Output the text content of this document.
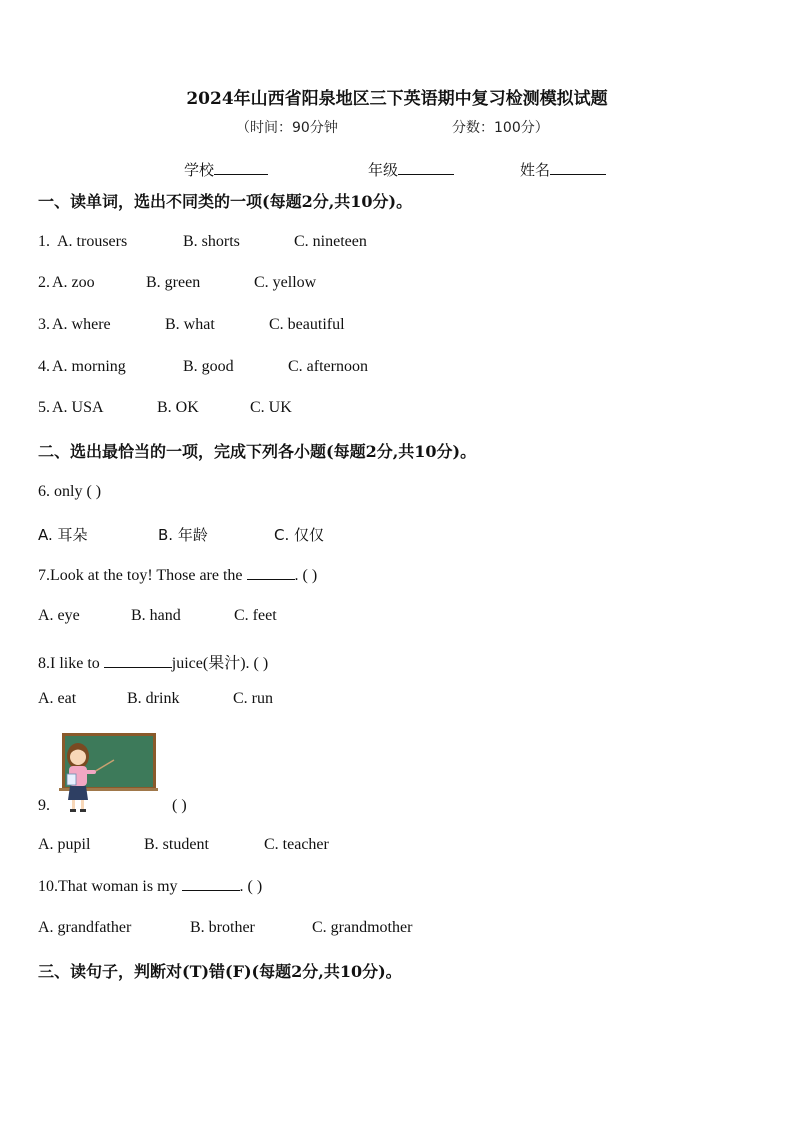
2024年山西省阳泉地区三下英语期中复习检测模拟试题
（时间：90分钟	分数：100分）
学校	年级	姓名
一、读单词，选出不同类的一项(每题2分,共10分)。
1. A. trousers	B. shorts	C. nineteen
2. A. zoo	B. green	C. yellow
3. A. where	B. what	C. beautiful
4. A. morning	B. good	C. afternoon
5. A. USA	B. OK	C. UK
二、选出最恰当的一项，完成下列各小题(每题2分,共10分)。
6. only ( )
A. 耳朵	B. 年龄	C. 仅仅
7.Look at the toy! Those are the	. ( )
A. eye	B. hand	C. feet
8.I like to	juice(果汁). ( )
A. eat	B. drink	C. run
9.	( )
A. pupil	B. student	C. teacher
10.That woman is my	. ( )
A. grandfather	B. brother	C. grandmother
三、读句子，判断对(T)错(F)(每题2分,共10分)。
